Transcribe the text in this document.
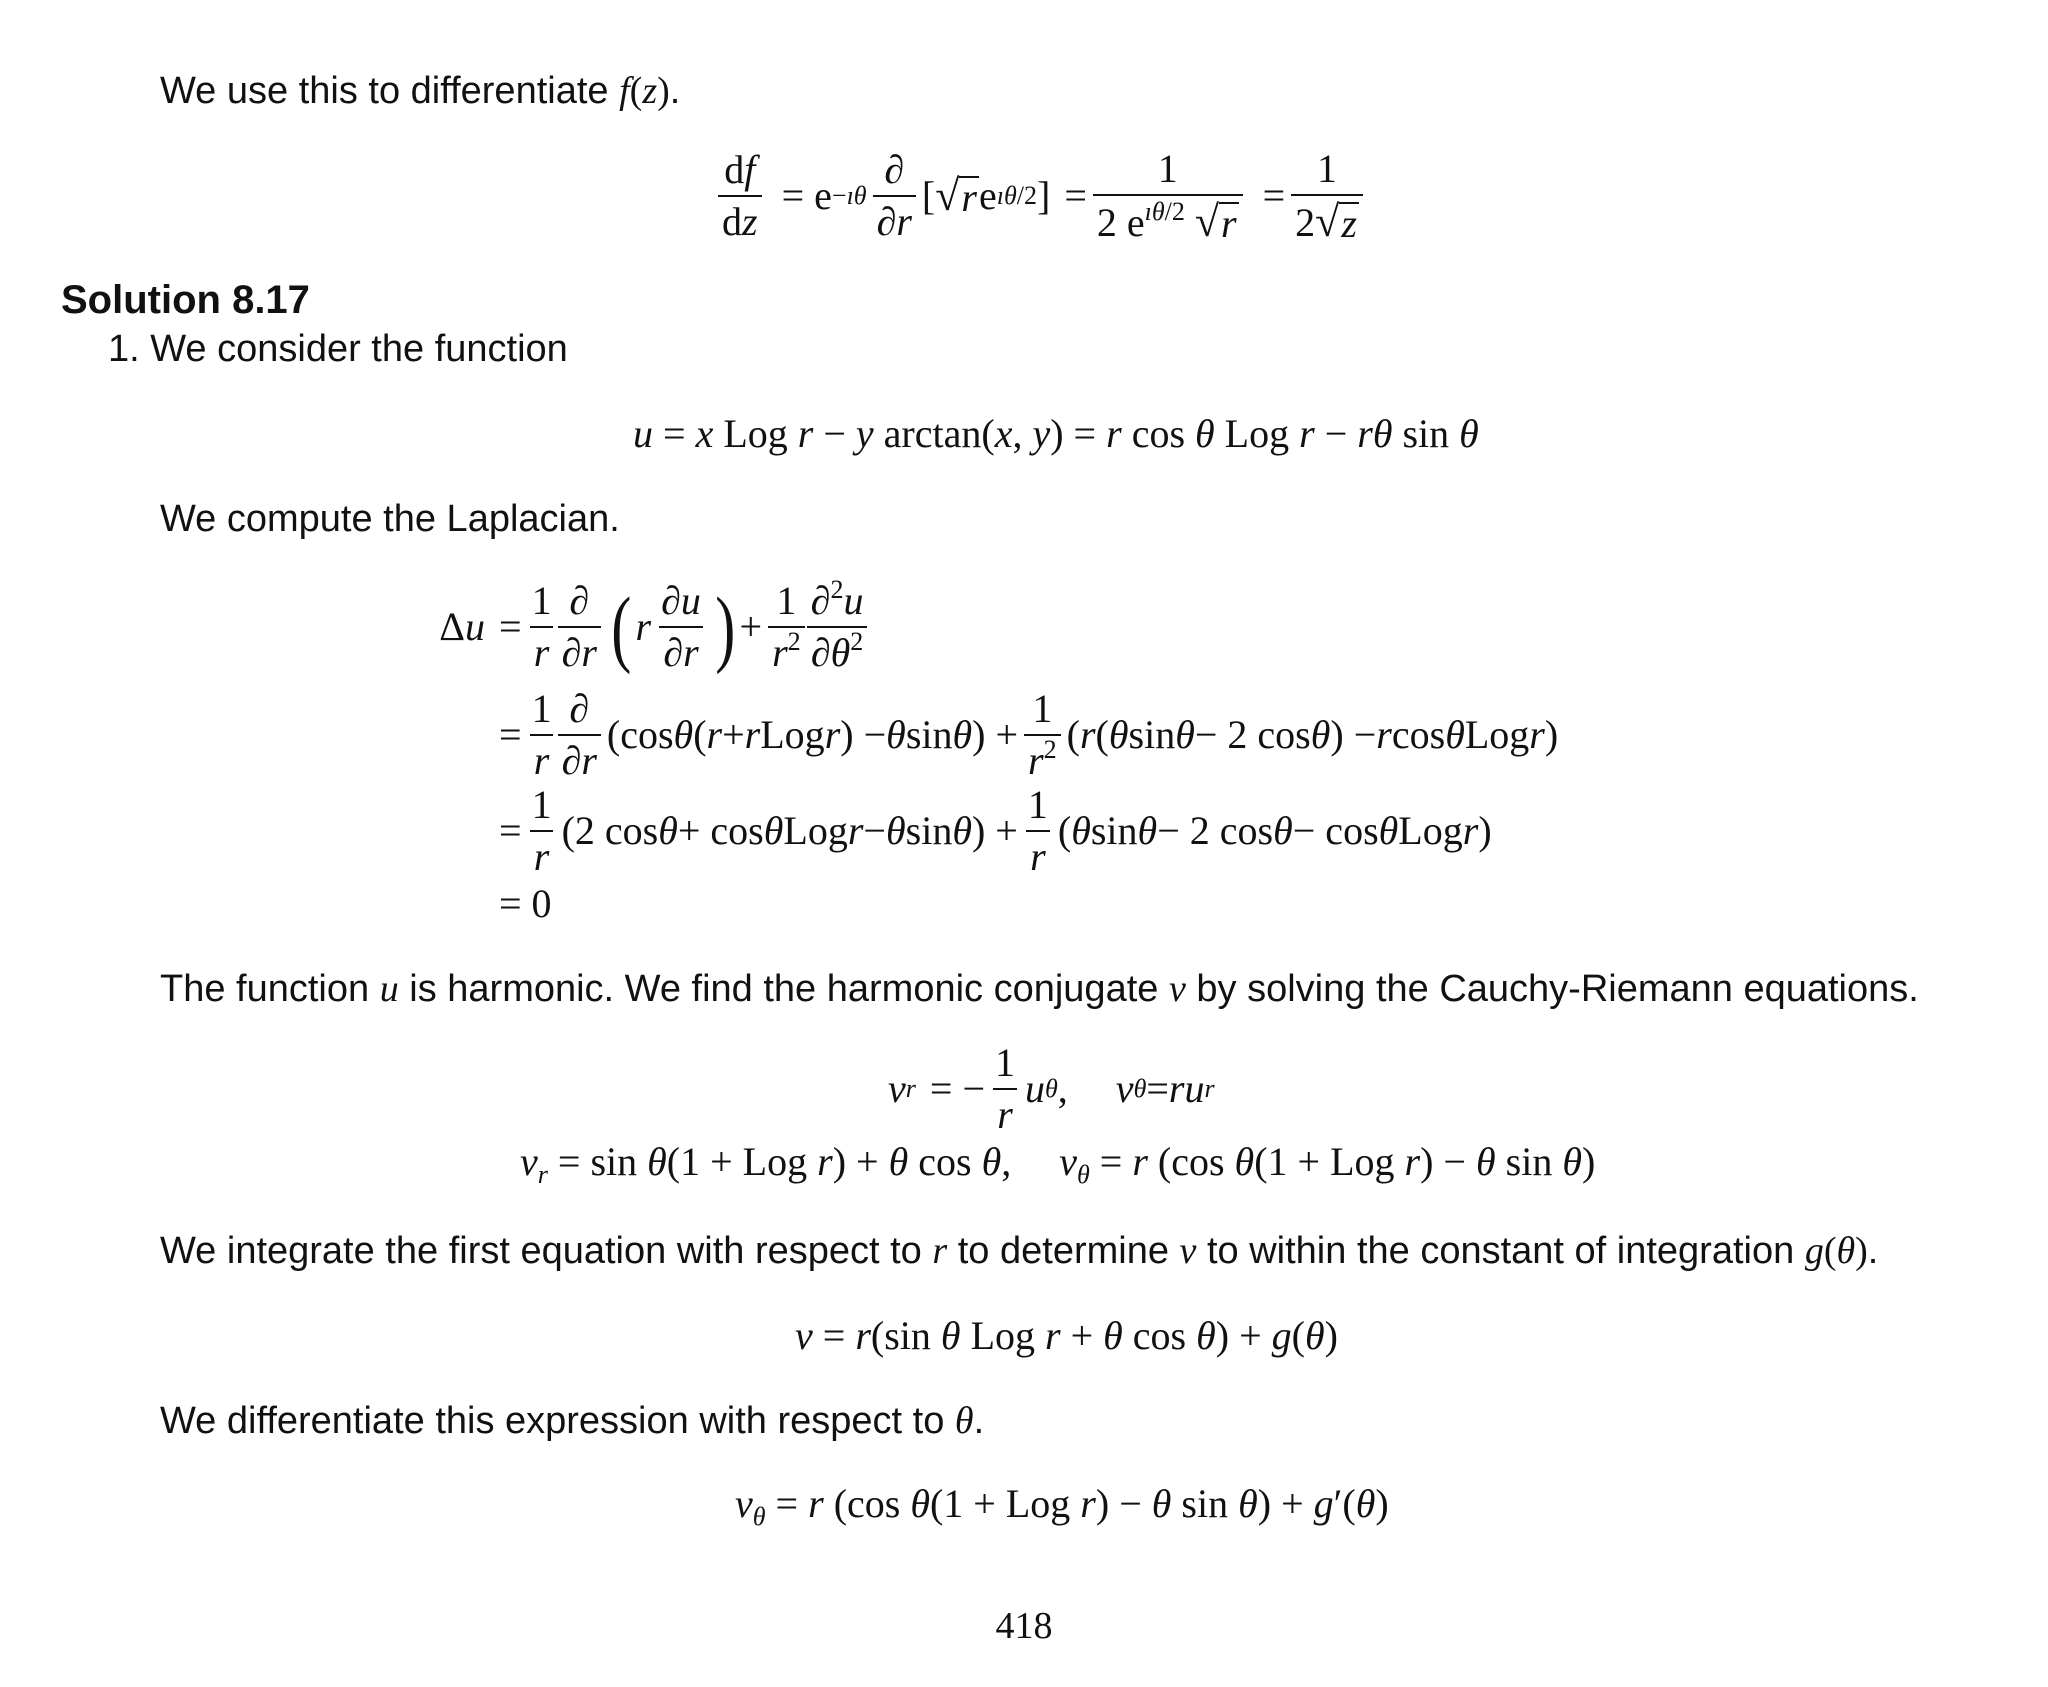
We use this to differentiate f(z).
$\frac{df}{dz} = e$ −ıθ $\frac{\partial}{\partial r}$ [ √ r e ıθ/2 ]
= $\frac{1}{2 e^{ı\theta/2} √ r} = \frac{1}{2 √ z}$
Solution 8.17
1. We consider the function
u = x Log r − y arctan(x, y) = r cos θ Log r − rθ sin θ
We compute the Laplacian.
$\Delta u = \frac{1}{r} \frac{\partial}{\partial r}$ ( r $\frac{\partial u}{\partial r}$ ) + $\frac{1}{r^2} \frac{\partial^2u}{\partial\theta^2}$
= $\frac{1}{r} \frac{\partial}{\partial r} (\cos$ θ ( r + r Log r ) − θ sin θ ) + $\frac{1}{r^2}$ ( r ( θ sin θ − 2 cos θ ) − r cos θ Log r )
= $\frac{1}{r} (2$ cos θ + cos θ Log r − θ sin θ ) + $\frac{1}{r}$ ( θ sin θ − 2 cos θ − cos θ Log r )
= 0
The function u is harmonic. We find the harmonic conjugate v by solving the Cauchy-Riemann equations.
v r = − $\frac{1}{r}$ u θ , v θ = ru r
$v_r = \sin \theta(1$ + Log r) + θ cos θ, $v_\theta = r$ (cos θ(1 + Log r) − θ sin θ)
We integrate the first equation with respect to r to determine v to within the constant of integration g(θ).
v = r(sin θ Log r + θ cos θ) + g(θ)
We differentiate this expression with respect to θ.
$v_\theta = r$ (cos θ(1 + Log r) − θ sin θ) + g′(θ)
418
